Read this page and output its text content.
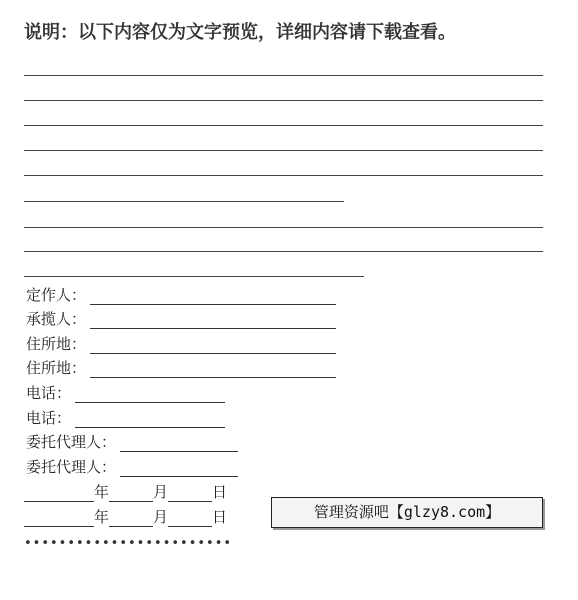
说明：以下内容仅为文字预览，详细内容请下载查看。
定作人：
承揽人：
住所地：
住所地：
电话：
电话：
委托代理人：
委托代理人：
年	月	日
年	月	日	管理资源吧【glzy8.com】
••••••••••••••••••••••••
